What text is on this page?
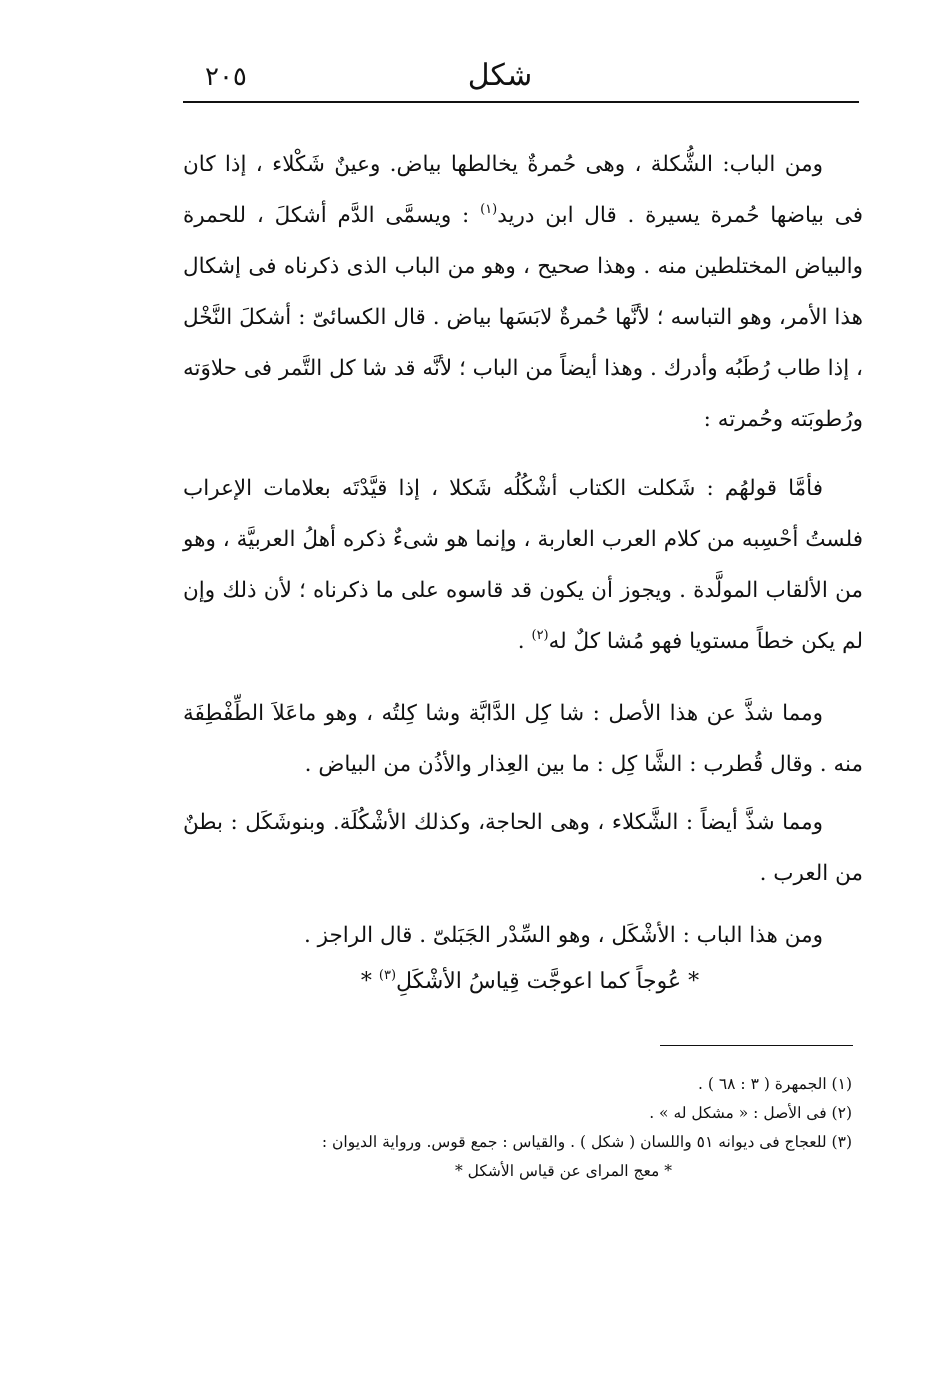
شكل
٢٠٥

ومن الباب: الشُّكلة ، وهى حُمرةٌ يخالطها بياض. وعينٌ شَكْلاء ، إذا كان فى بياضها حُمرة يسيرة . قال ابن دريد$^{(١)}$ : ويسمَّى الدَّم أشكلَ ، للحمرة والبياض المختلطين منه . وهذا صحيح ، وهو من الباب الذى ذكرناه فى إشكال هذا الأمر، وهو التباسه ؛ لأنَّها حُمرةٌ لابَسَها بياض . قال الكسائىّ : أشكلَ النَّخْل ، إذا طاب رُطَبُه وأدرك . وهذا أيضاً من الباب ؛ لأنَّه قد شا كل التَّمر فى حلاوَته ورُطوبَته وحُمرته :

فأمَّا قولهُم : شَكلت الكتاب أشْكُلُه شَكلا ، إذا قيَّدْتَه بعلامات الإعراب فلستُ أحْسِبه من كلام العرب العاربة ، وإنما هو شىءٌ ذكره أهلُ العربيَّة ، وهو من الألقاب المولَّدة . ويجوز أن يكون قد قاسوه على ما ذكرناه ؛ لأن ذلك وإن لم يكن خطاً مستويا فهو مُشا كلٌ له$^{(٢)}$ .

ومما شذَّ عن هذا الأصل : شا كِل الدَّابَّة وشا كِلتُه ، وهو ماعَلاَ الطِّفْطِفَة منه . وقال قُطرب : الشَّا كِل : ما بين العِذار والأذُن من البياض .

ومما شذَّ أيضاً : الشَّكلاء ، وهى الحاجة، وكذلك الأشْكُلَة. وبنوشَكَل : بطنٌ من العرب .

ومن هذا الباب : الأشْكَل ، وهو السِّدْر الجَبَلىّ . قال الراجز .

* عُوجاً كما اعوجَّت قِياسُ الأشْكَلِ$^{(٣)}$ *

(١) الجمهرة ( ٣ : ٦٨ ) .

(٢) فى الأصل : « مشكل له » .

(٣) للعجاج فى ديوانه ٥١ واللسان ( شكل ) . والقياس : جمع قوس. ورواية الديوان :

* معج المراى عن قياس الأشكل *
